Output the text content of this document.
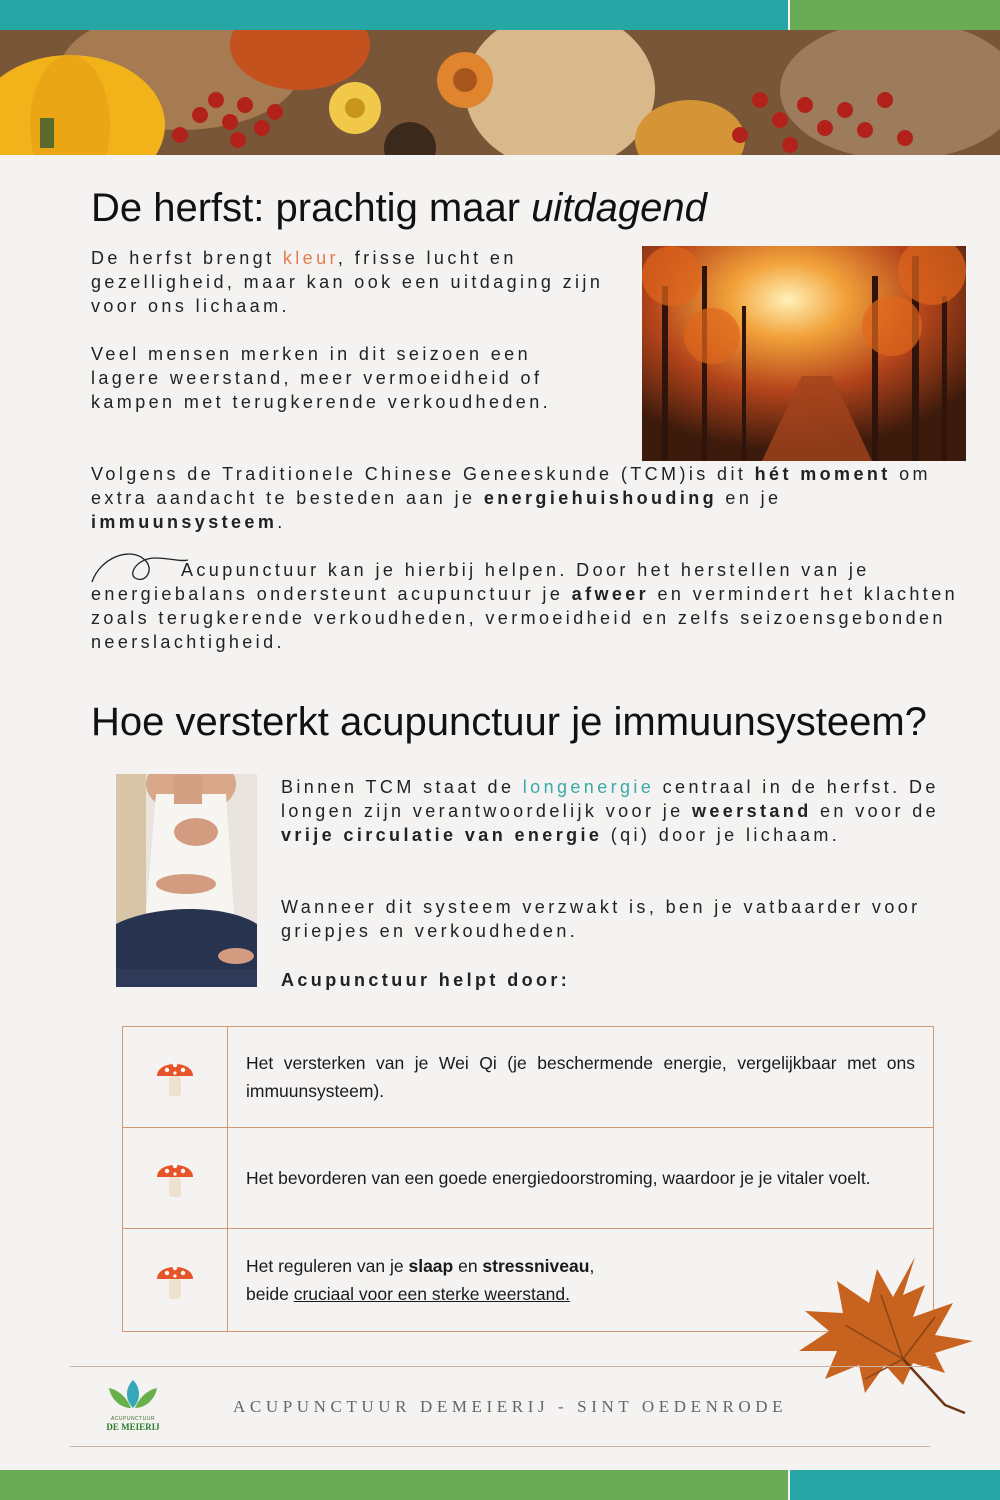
De herfst: prachtig maar uitdagend

De herfst brengt kleur, frisse lucht en gezelligheid, maar kan ook een uitdaging zijn voor ons lichaam.

Veel mensen merken in dit seizoen een lagere weerstand, meer vermoeidheid of kampen met terugkerende verkoudheden.

Volgens de Traditionele Chinese Geneeskunde (TCM)is dit hét moment om extra aandacht te besteden aan je energiehuishouding en je immuunsysteem.

Acupunctuur kan je hierbij helpen. Door het herstellen van je energiebalans ondersteunt acupunctuur je afweer en vermindert het klachten zoals terugkerende verkoudheden, vermoeidheid en zelfs seizoensgebonden neerslachtigheid.

Hoe versterkt acupunctuur je immuunsysteem?

Binnen TCM staat de longenergie centraal in de herfst. De longen zijn verantwoordelijk voor je weerstand en voor de vrije circulatie van energie (qi) door je lichaam.

Wanneer dit systeem verzwakt is, ben je vatbaarder voor griepjes en verkoudheden.

Acupunctuur helpt door:

	Het versterken van je Wei Qi (je beschermende energie, vergelijkbaar met ons immuunsysteem).
	Het bevorderen van een goede energiedoorstroming, waardoor je je vitaler voelt.
	Het reguleren van je slaap en stressniveau,
beide cruciaal voor een sterke weerstand.
ACUPUNCTUUR
DE MEIERIJ
ACUPUNCTUUR DEMEIERIJ - SINT OEDENRODE
